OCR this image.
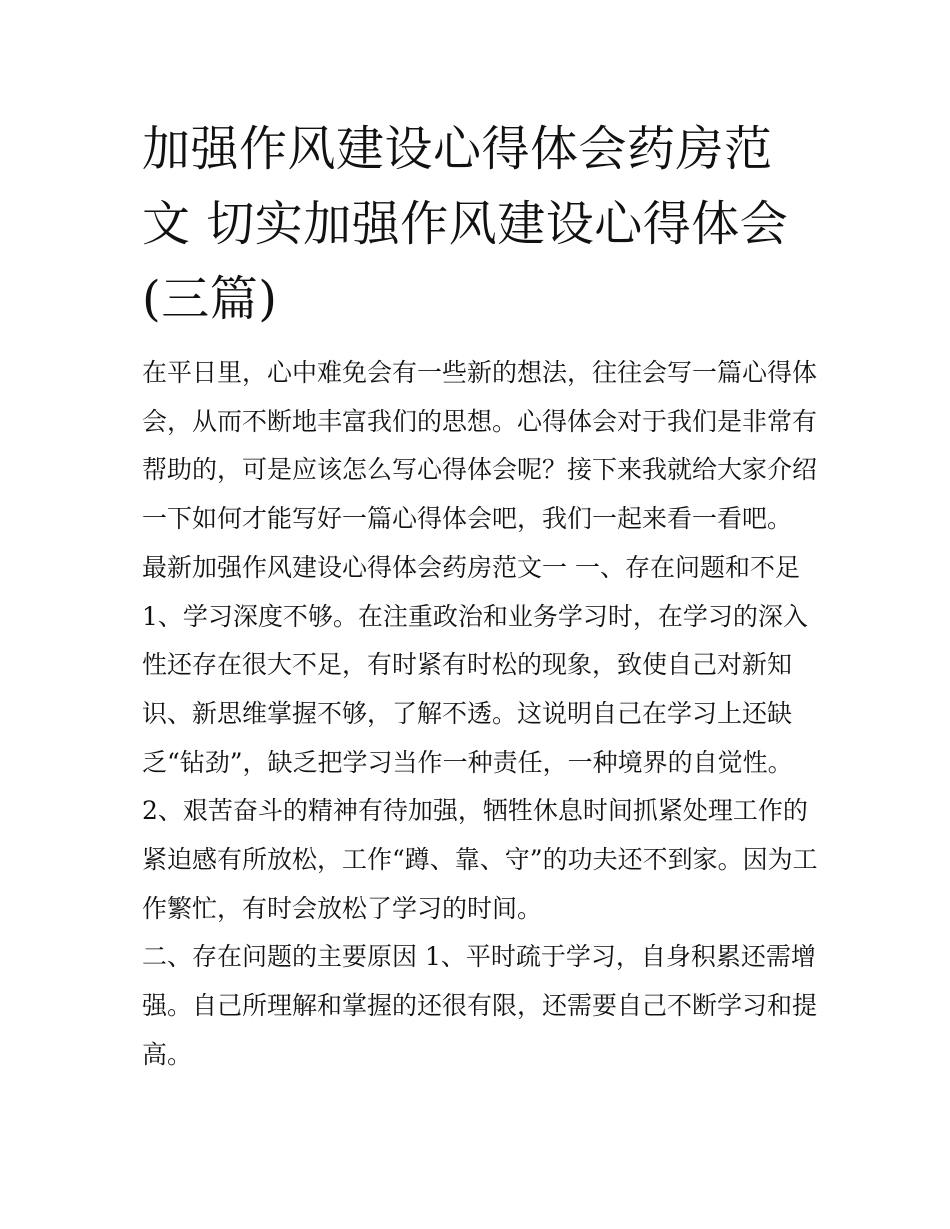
加强作风建设心得体会药房范
文 切实加强作风建设心得体会
(三篇)
在平日里，心中难免会有一些新的想法，往往会写一篇心得体
会，从而不断地丰富我们的思想。心得体会对于我们是非常有
帮助的，可是应该怎么写心得体会呢？接下来我就给大家介绍
一下如何才能写好一篇心得体会吧，我们一起来看一看吧。
最新加强作风建设心得体会药房范文一 一、存在问题和不足
1、学习深度不够。在注重政治和业务学习时，在学习的深入
性还存在很大不足，有时紧有时松的现象，致使自己对新知
识、新思维掌握不够，了解不透。这说明自己在学习上还缺
乏“钻劲”，缺乏把学习当作一种责任，一种境界的自觉性。
2、艰苦奋斗的精神有待加强，牺牲休息时间抓紧处理工作的
紧迫感有所放松，工作“蹲、靠、守”的功夫还不到家。因为工
作繁忙，有时会放松了学习的时间。
二、存在问题的主要原因 1、平时疏于学习，自身积累还需增
强。自己所理解和掌握的还很有限，还需要自己不断学习和提
高。
